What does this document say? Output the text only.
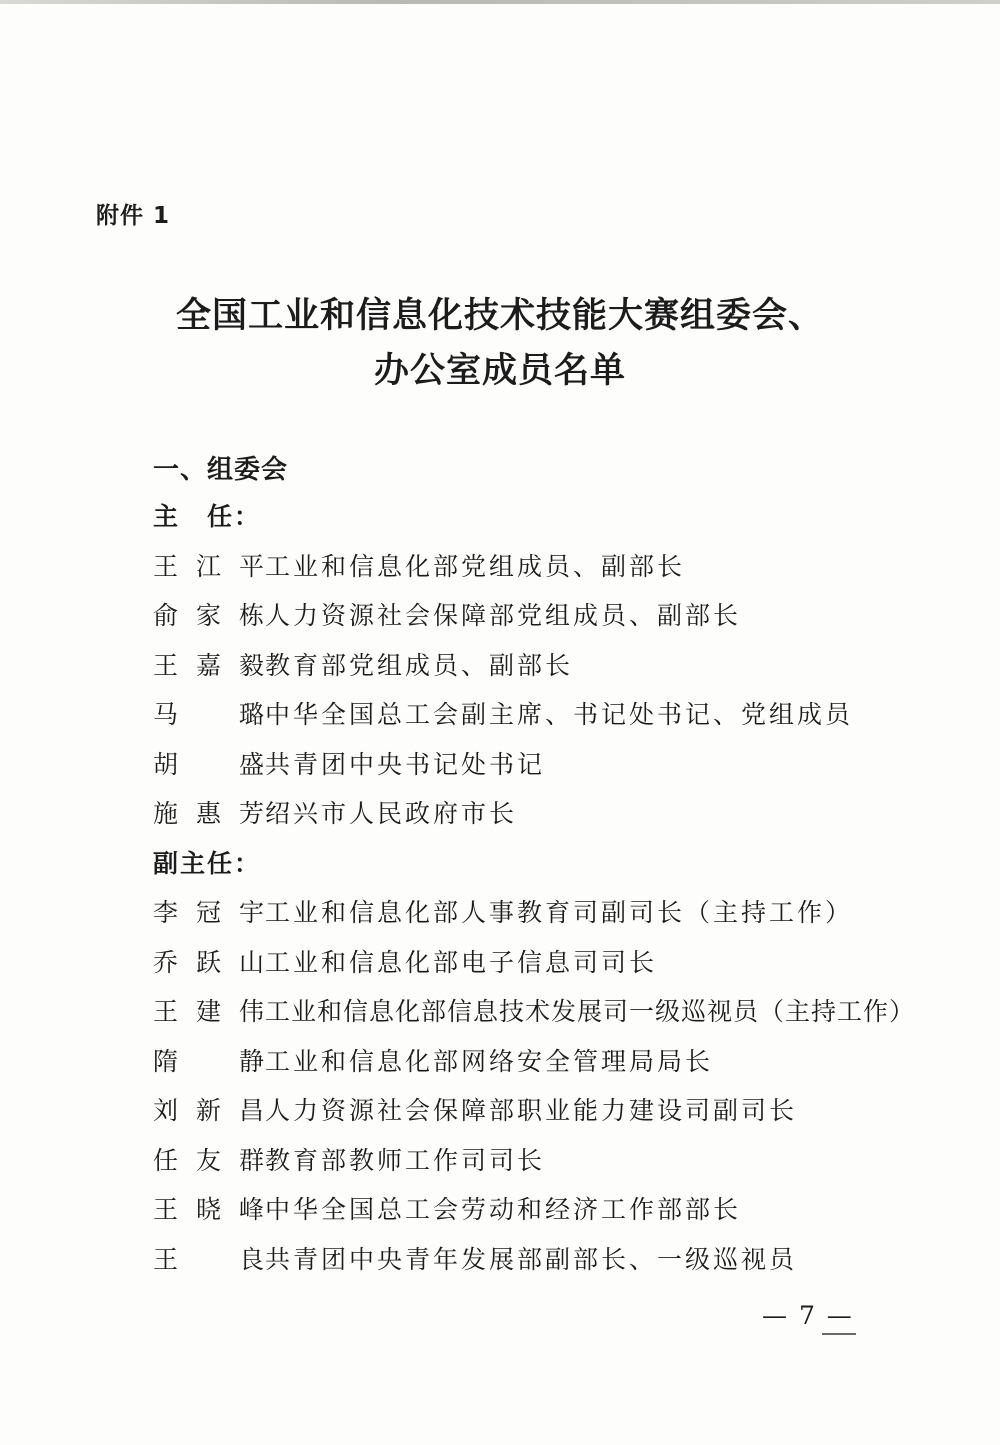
附件 1
全国工业和信息化技术技能大赛组委会、
办公室成员名单
一、组委会
主　任：
王江平工业和信息化部党组成员、副部长
俞家栋人力资源社会保障部党组成员、副部长
王嘉毅教育部党组成员、副部长
马　璐中华全国总工会副主席、书记处书记、党组成员
胡　盛共青团中央书记处书记
施惠芳绍兴市人民政府市长
副主任：
李冠宇工业和信息化部人事教育司副司长（主持工作）
乔跃山工业和信息化部电子信息司司长
王建伟工业和信息化部信息技术发展司一级巡视员（主持工作）
隋　静工业和信息化部网络安全管理局局长
刘新昌人力资源社会保障部职业能力建设司副司长
任友群教育部教师工作司司长
王晓峰中华全国总工会劳动和经济工作部部长
王　良共青团中央青年发展部副部长、一级巡视员
— 7 —
